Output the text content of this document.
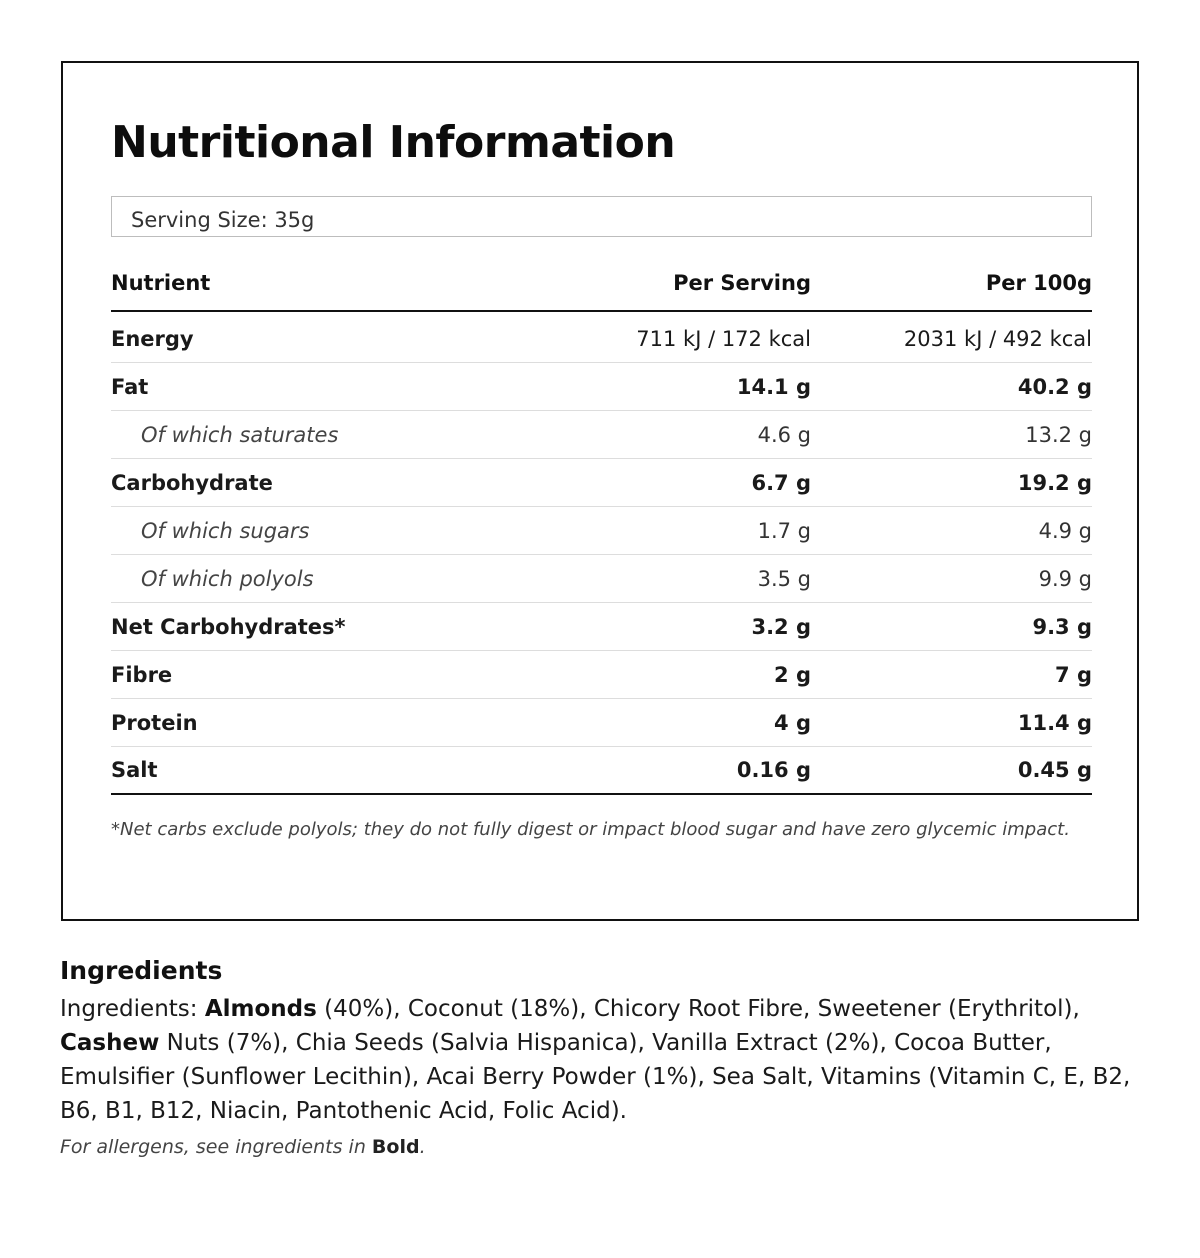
Nutritional Information
Serving Size: 35g
Nutrient	Per Serving	Per 100g
Energy	711 kJ / 172 kcal	2031 kJ / 492 kcal
Fat	14.1 g	40.2 g
Of which saturates	4.6 g	13.2 g
Carbohydrate	6.7 g	19.2 g
Of which sugars	1.7 g	4.9 g
Of which polyols	3.5 g	9.9 g
Net Carbohydrates*	3.2 g	9.3 g
Fibre	2 g	7 g
Protein	4 g	11.4 g
Salt	0.16 g	0.45 g
*Net carbs exclude polyols; they do not fully digest or impact blood sugar and have zero glycemic impact.
Ingredients
Ingredients: Almonds (40%), Coconut (18%), Chicory Root Fibre, Sweetener (Erythritol), Cashew Nuts (7%), Chia Seeds (Salvia Hispanica), Vanilla Extract (2%), Cocoa Butter, Emulsifier (Sunflower Lecithin), Acai Berry Powder (1%), Sea Salt, Vitamins (Vitamin C, E, B2, B6, B1, B12, Niacin, Pantothenic Acid, Folic Acid).
For allergens, see ingredients in Bold.
